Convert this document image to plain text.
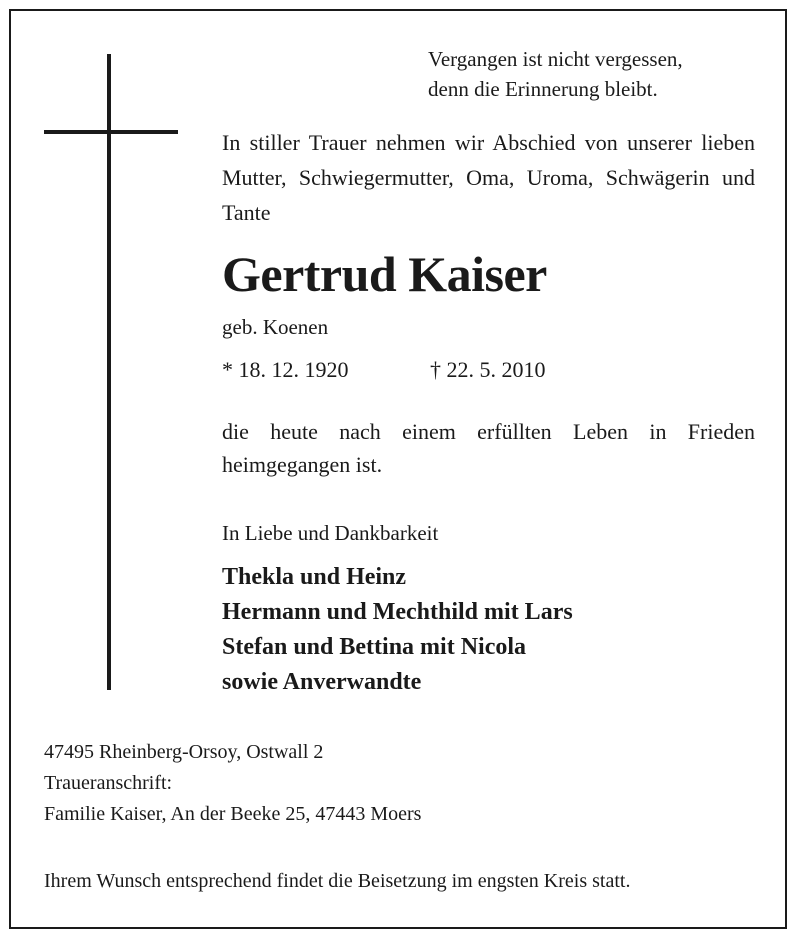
Vergangen ist nicht vergessen,
denn die Erinnerung bleibt.
In stiller Trauer nehmen wir Abschied von unserer lieben Mutter, Schwiegermutter, Oma, Uroma, Schwägerin und Tante
Gertrud Kaiser
geb. Koenen
* 18. 12. 1920	† 22. 5. 2010
die heute nach einem erfüllten Leben in Frieden heimgegangen ist.
In Liebe und Dankbarkeit
Thekla und Heinz
Hermann und Mechthild mit Lars
Stefan und Bettina mit Nicola
sowie Anverwandte
47495 Rheinberg-Orsoy, Ostwall 2
Traueranschrift:
Familie Kaiser, An der Beeke 25, 47443 Moers
Ihrem Wunsch entsprechend findet die Beisetzung im engsten Kreis statt.
